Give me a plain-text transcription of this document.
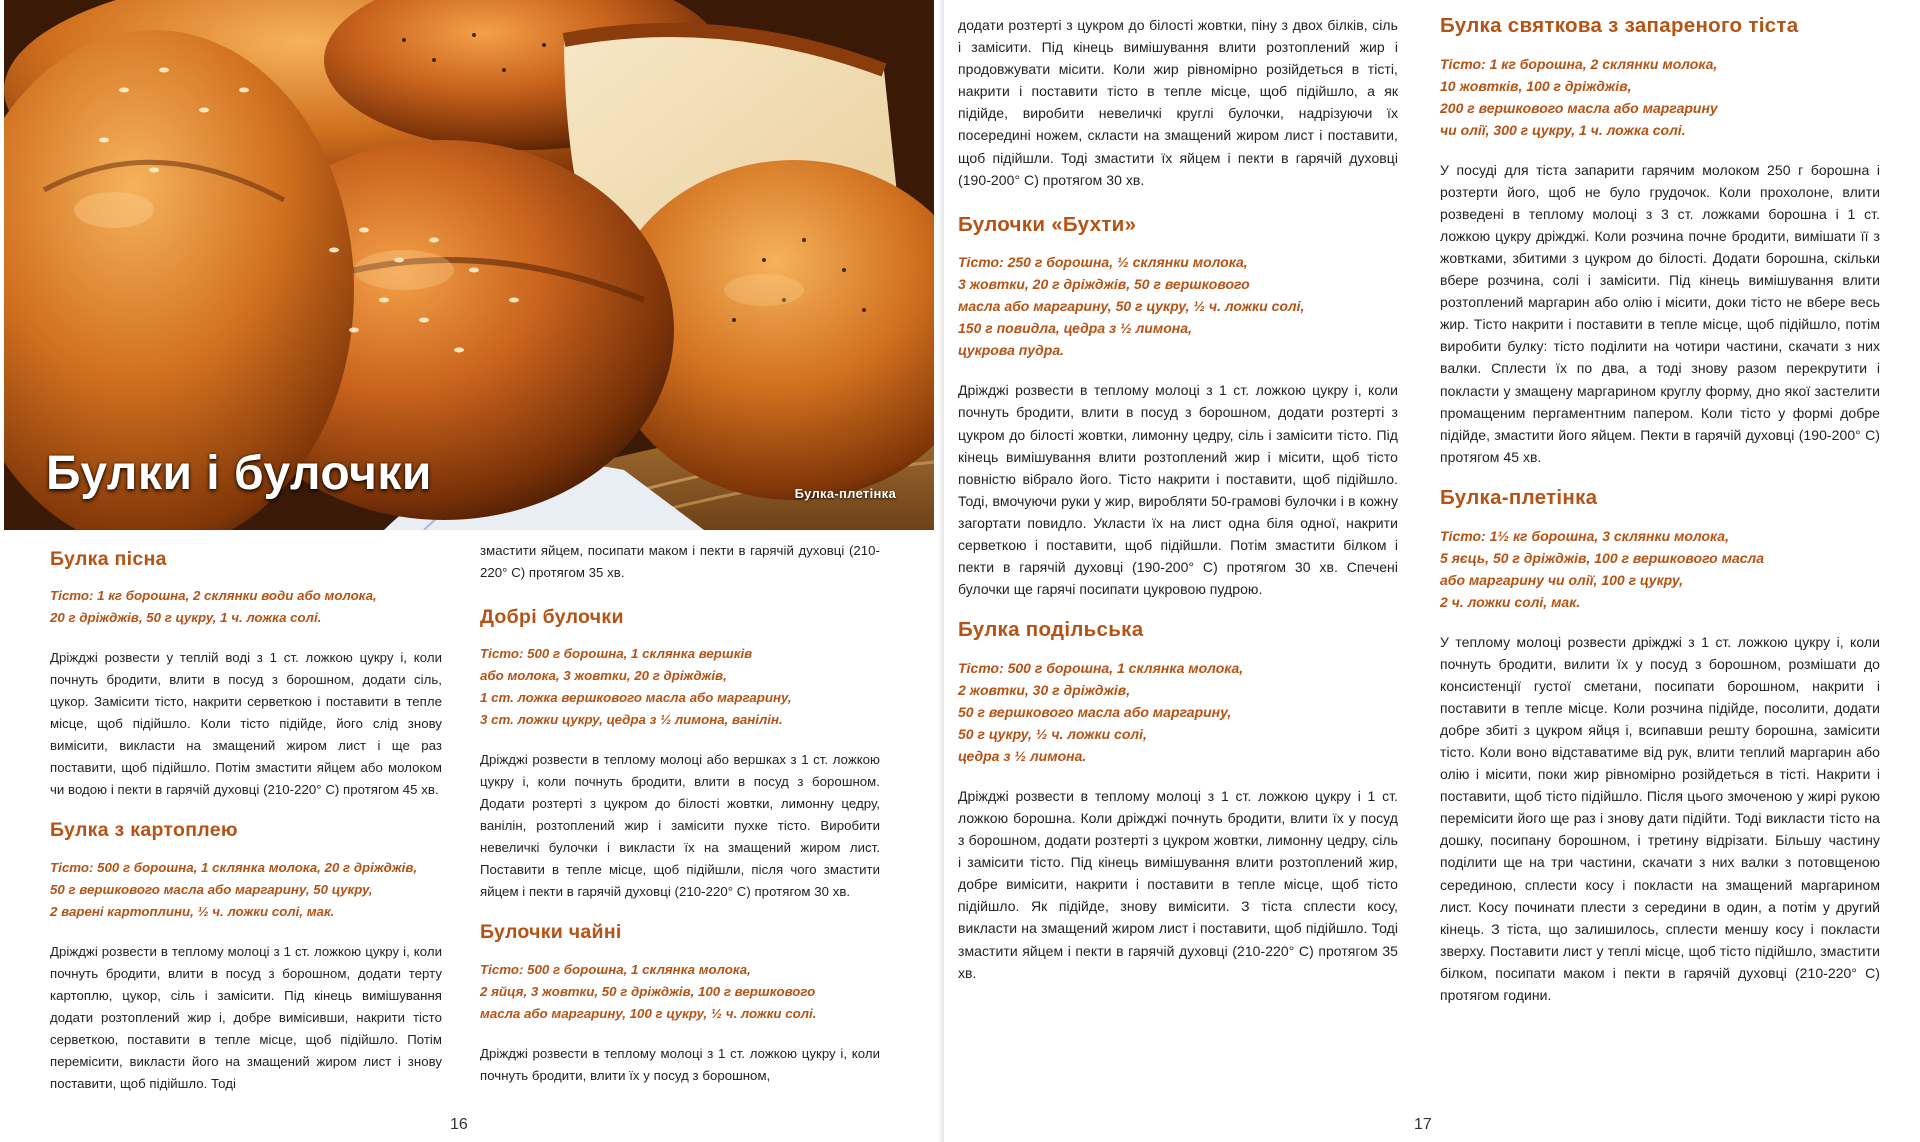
Булки і булочки	Булка-плетінка
Булка пісна
Тісто: 1 кг борошна, 2 склянки води або молока,
20 г дріжджів, 50 г цукру, 1 ч. ложка солі.

Дріжджі розвести у теплій воді з 1 ст. ложкою цукру і, коли почнуть бродити, влити в посуд з борошном, додати сіль, цукор. Замісити тісто, накрити серветкою і поставити в тепле місце, щоб підійшло. Коли тісто підійде, його слід знову вимісити, викласти на змащений жиром лист і ще раз поставити, щоб підійшло. Потім змастити яйцем або молоком чи водою і пекти в гарячій духовці (210-220° С) протягом 45 хв.

Булка з картоплею
Тісто: 500 г борошна, 1 склянка молока, 20 г дріжджів,
50 г вершкового масла або маргарину, 50 цукру,
2 варені картоплини, ½ ч. ложки солі, мак.

Дріжджі розвести в теплому молоці з 1 ст. ложкою цукру і, коли почнуть бродити, влити в посуд з борошном, додати терту картоплю, цукор, сіль і замісити. Під кінець вимішування додати розтоплений жир і, добре вимісивши, накрити тісто серветкою, поставити в тепле місце, щоб підійшло. Потім перемісити, викласти його на змащений жиром лист і знову поставити, щоб підійшло. Тоді

змастити яйцем, посипати маком і пекти в гарячій духовці (210-220° С) протягом 35 хв.

Добрі булочки
Тісто: 500 г борошна, 1 склянка вершків
або молока, 3 жовтки, 20 г дріжджів,
1 ст. ложка вершкового масла або маргарину,
3 ст. ложки цукру, цедра з ½ лимона, ванілін.

Дріжджі розвести в теплому молоці або вершках з 1 ст. ложкою цукру і, коли почнуть бродити, влити в посуд з борошном. Додати розтерті з цукром до білості жовтки, лимонну цедру, ванілін, розтоплений жир і замісити пухке тісто. Виробити невеличкі булочки і викласти їх на змащений жиром лист. Поставити в тепле місце, щоб підійшли, після чого змастити яйцем і пекти в гарячій духовці (210-220° С) протягом 30 хв.

Булочки чайні
Тісто: 500 г борошна, 1 склянка молока,
2 яйця, 3 жовтки, 50 г дріжджів, 100 г вершкового
масла або маргарину, 100 г цукру, ½ ч. ложки солі.

Дріжджі розвести в теплому молоці з 1 ст. ложкою цукру і, коли почнуть бродити, влити їх у посуд з борошном,

16

додати розтерті з цукром до білості жовтки, піну з двох білків, сіль і замісити. Під кінець вимішування влити розтоплений жир і продовжувати місити. Коли жир рівномірно розійдеться в тісті, накрити і поставити тісто в тепле місце, щоб підійшло, а як підійде, виробити невеличкі круглі булочки, надрізуючи їх посередині ножем, скласти на змащений жиром лист і поставити, щоб підійшли. Тоді змастити їх яйцем і пекти в гарячій духовці (190-200° С) протягом 30 хв.

Булочки «Бухти»
Тісто: 250 г борошна, ½ склянки молока,
3 жовтки, 20 г дріжджів, 50 г вершкового
масла або маргарину, 50 г цукру, ½ ч. ложки солі,
150 г повидла, цедра з ½ лимона,
цукрова пудра.

Дріжджі розвести в теплому молоці з 1 ст. ложкою цукру і, коли почнуть бродити, влити в посуд з борошном, додати розтерті з цукром до білості жовтки, лимонну цедру, сіль і замісити тісто. Під кінець вимішування влити розтоплений жир і місити, щоб тісто повністю вібрало його. Тісто накрити і поставити, щоб підійшло. Тоді, вмочуючи руки у жир, виробляти 50-грамові булочки і в кожну загортати повидло. Укласти їх на лист одна біля одної, накрити серветкою і поставити, щоб підійшли. Потім змастити білком і пекти в гарячій духовці (190-200° С) протягом 30 хв. Спечені булочки ще гарячі посипати цукровою пудрою.

Булка подільська
Тісто: 500 г борошна, 1 склянка молока,
2 жовтки, 30 г дріжджів,
50 г вершкового масла або маргарину,
50 г цукру, ½ ч. ложки солі,
цедра з ½ лимона.

Дріжджі розвести в теплому молоці з 1 ст. ложкою цукру і 1 ст. ложкою борошна. Коли дріжджі почнуть бродити, влити їх у посуд з борошном, додати розтерті з цукром жовтки, лимонну цедру, сіль і замісити тісто. Під кінець вимішування влити розтоплений жир, добре вимісити, накрити і поставити в тепле місце, щоб тісто підійшло. Як підійде, знову вимісити. З тіста сплести косу, викласти на змащений жиром лист і поставити, щоб підійшло. Тоді змастити яйцем і пекти в гарячій духовці (210-220° С) протягом 35 хв.

Булка святкова з запареного тіста
Тісто: 1 кг борошна, 2 склянки молока,
10 жовтків, 100 г дріжджів,
200 г вершкового масла або маргарину
чи олії, 300 г цукру, 1 ч. ложка солі.

У посуді для тіста запарити гарячим молоком 250 г борошна і розтерти його, щоб не було грудочок. Коли прохолоне, влити розведені в теплому молоці з 3 ст. ложками борошна і 1 ст. ложкою цукру дріжджі. Коли розчина почне бродити, вимішати її з жовтками, збитими з цукром до білості. Додати борошна, скільки вбере розчина, солі і замісити. Під кінець вимішування влити розтоплений маргарин або олію і місити, доки тісто не вбере весь жир. Тісто накрити і поставити в тепле місце, щоб підійшло, потім виробити булку: тісто поділити на чотири частини, скачати з них валки. Сплести їх по два, а тоді знову разом перекрутити і покласти у змащену маргарином круглу форму, дно якої застелити промащеним пергаментним папером. Коли тісто у формі добре підійде, змастити його яйцем. Пекти в гарячій духовці (190-200° С) протягом 45 хв.

Булка-плетінка
Тісто: 1½ кг борошна, 3 склянки молока,
5 яєць, 50 г дріжджів, 100 г вершкового масла
або маргарину чи олії, 100 г цукру,
2 ч. ложки солі, мак.

У теплому молоці розвести дріжджі з 1 ст. ложкою цукру і, коли почнуть бродити, вилити їх у посуд з борошном, розмішати до консистенції густої сметани, посипати борошном, накрити і поставити в тепле місце. Коли розчина підійде, посолити, додати добре збиті з цукром яйця і, всипавши решту борошна, замісити тісто. Коли воно відставатиме від рук, влити теплий маргарин або олію і місити, поки жир рівномірно розійдеться в тісті. Накрити і поставити, щоб тісто підійшло. Після цього змоченою у жирі рукою перемісити його ще раз і знову дати підійти. Тоді викласти тісто на дошку, посипану борошном, і третину відрізати. Більшу частину поділити ще на три частини, скачати з них валки з потовщеною серединою, сплести косу і покласти на змащений маргарином лист. Косу починати плести з середини в один, а потім у другий кінець. З тіста, що залишилось, сплести меншу косу і покласти зверху. Поставити лист у теплі місце, щоб тісто підійшло, змастити білком, посипати маком і пекти в гарячій духовці (210-220° С) протягом години.

17
